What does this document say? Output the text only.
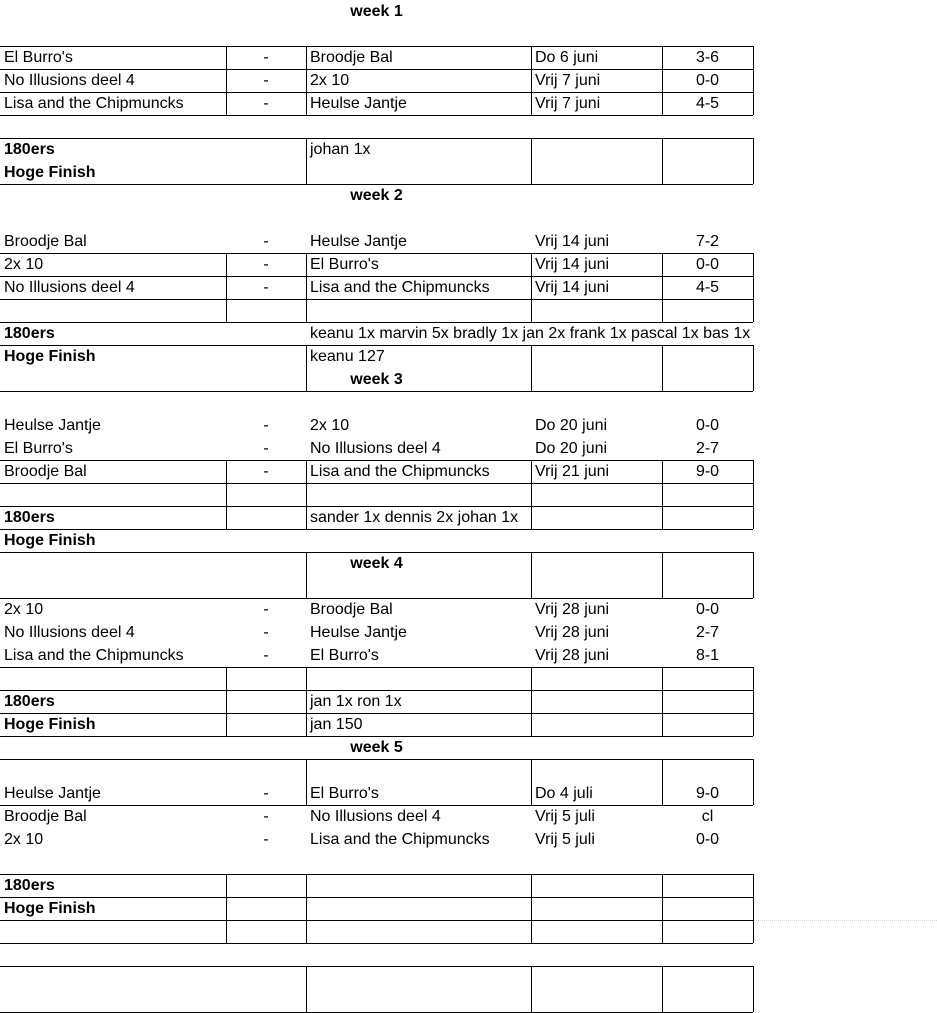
week 1
El Burro's	-	Broodje Bal	Do 6 juni	3-6
No Illusions deel 4	-	2x 10	Vrij 7 juni	0-0
Lisa and the Chipmuncks	-	Heulse Jantje	Vrij 7 juni	4-5
180ers	johan 1x
Hoge Finish
week 2
Broodje Bal	-	Heulse Jantje	Vrij 14 juni	7-2
2x 10	-	El Burro's	Vrij 14 juni	0-0
No Illusions deel 4	-	Lisa and the Chipmuncks	Vrij 14 juni	4-5
180ers	keanu 1x marvin 5x bradly 1x jan 2x frank 1x pascal 1x bas 1x
Hoge Finish	keanu 127
week 3
Heulse Jantje	-	2x 10	Do 20 juni	0-0
El Burro's	-	No Illusions deel 4	Do 20 juni	2-7
Broodje Bal	-	Lisa and the Chipmuncks	Vrij 21 juni	9-0
180ers	sander 1x dennis 2x johan 1x
Hoge Finish
week 4
2x 10	-	Broodje Bal	Vrij 28 juni	0-0
No Illusions deel 4	-	Heulse Jantje	Vrij 28 juni	2-7
Lisa and the Chipmuncks	-	El Burro's	Vrij 28 juni	8-1
180ers	jan 1x ron 1x
Hoge Finish	jan 150
week 5
Heulse Jantje	-	El Burro's	Do 4 juli	9-0
Broodje Bal	-	No Illusions deel 4	Vrij 5 juli	cl
2x 10	-	Lisa and the Chipmuncks	Vrij 5 juli	0-0
180ers
Hoge Finish
